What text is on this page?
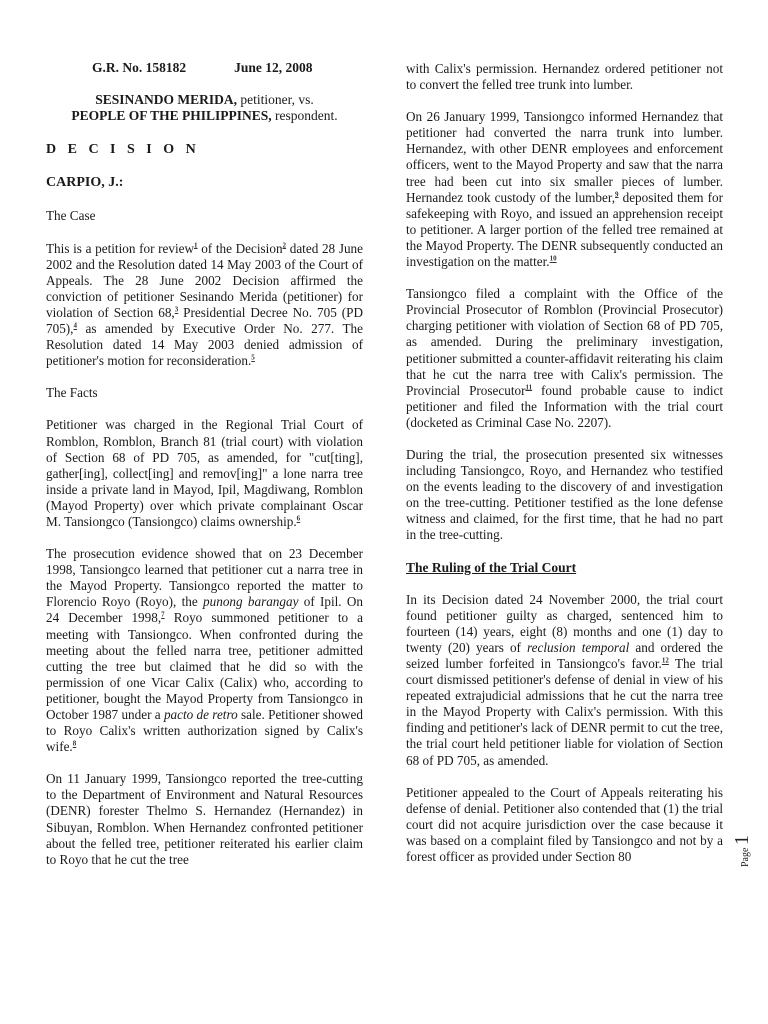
G.R. No. 158182	June 12, 2008
SESINANDO MERIDA, petitioner, vs.
PEOPLE OF THE PHILIPPINES, respondent.
D E C I S I O N
CARPIO, J.:
The Case

This is a petition for review$^1$ of the Decision$^2$ dated 28 June 2002 and the Resolution dated 14 May 2003 of the Court of Appeals. The 28 June 2002 Decision affirmed the conviction of petitioner Sesinando Merida (petitioner) for violation of Section 68,$^3$ Presidential Decree No. 705 (PD 705),$^4$ as amended by Executive Order No. 277. The Resolution dated 14 May 2003 denied admission of petitioner's motion for reconsideration.$^5$

The Facts

Petitioner was charged in the Regional Trial Court of Romblon, Romblon, Branch 81 (trial court) with violation of Section 68 of PD 705, as amended, for "cut[ting], gather[ing], collect[ing] and remov[ing]" a lone narra tree inside a private land in Mayod, Ipil, Magdiwang, Romblon (Mayod Property) over which private complainant Oscar M. Tansiongco (Tansiongco) claims ownership.$^6$

The prosecution evidence showed that on 23 December 1998, Tansiongco learned that petitioner cut a narra tree in the Mayod Property. Tansiongco reported the matter to Florencio Royo (Royo), the punong barangay of Ipil. On 24 December 1998,$^7$ Royo summoned petitioner to a meeting with Tansiongco. When confronted during the meeting about the felled narra tree, petitioner admitted cutting the tree but claimed that he did so with the permission of one Vicar Calix (Calix) who, according to petitioner, bought the Mayod Property from Tansiongco in October 1987 under a pacto de retro sale. Petitioner showed to Royo Calix's written authorization signed by Calix's wife.$^8$

On 11 January 1999, Tansiongco reported the tree-cutting to the Department of Environment and Natural Resources (DENR) forester Thelmo S. Hernandez (Hernandez) in Sibuyan, Romblon. When Hernandez confronted petitioner about the felled tree, petitioner reiterated his earlier claim to Royo that he cut the tree

with Calix's permission. Hernandez ordered petitioner not to convert the felled tree trunk into lumber.

On 26 January 1999, Tansiongco informed Hernandez that petitioner had converted the narra trunk into lumber. Hernandez, with other DENR employees and enforcement officers, went to the Mayod Property and saw that the narra tree had been cut into six smaller pieces of lumber. Hernandez took custody of the lumber,$^9$ deposited them for safekeeping with Royo, and issued an apprehension receipt to petitioner. A larger portion of the felled tree remained at the Mayod Property. The DENR subsequently conducted an investigation on the matter.$^{10}$

Tansiongco filed a complaint with the Office of the Provincial Prosecutor of Romblon (Provincial Prosecutor) charging petitioner with violation of Section 68 of PD 705, as amended. During the preliminary investigation, petitioner submitted a counter-affidavit reiterating his claim that he cut the narra tree with Calix's permission. The Provincial Prosecutor$^{11}$ found probable cause to indict petitioner and filed the Information with the trial court (docketed as Criminal Case No. 2207).

During the trial, the prosecution presented six witnesses including Tansiongco, Royo, and Hernandez who testified on the events leading to the discovery of and investigation on the tree-cutting. Petitioner testified as the lone defense witness and claimed, for the first time, that he had no part in the tree-cutting.

The Ruling of the Trial Court

In its Decision dated 24 November 2000, the trial court found petitioner guilty as charged, sentenced him to fourteen (14) years, eight (8) months and one (1) day to twenty (20) years of reclusion temporal and ordered the seized lumber forfeited in Tansiongco's favor.$^{12}$ The trial court dismissed petitioner's defense of denial in view of his repeated extrajudicial admissions that he cut the narra tree in the Mayod Property with Calix's permission. With this finding and petitioner's lack of DENR permit to cut the tree, the trial court held petitioner liable for violation of Section 68 of PD 705, as amended.

Petitioner appealed to the Court of Appeals reiterating his defense of denial. Petitioner also contended that (1) the trial court did not acquire jurisdiction over the case because it was based on a complaint filed by Tansiongco and not by a forest officer as provided under Section 80	Page 1
